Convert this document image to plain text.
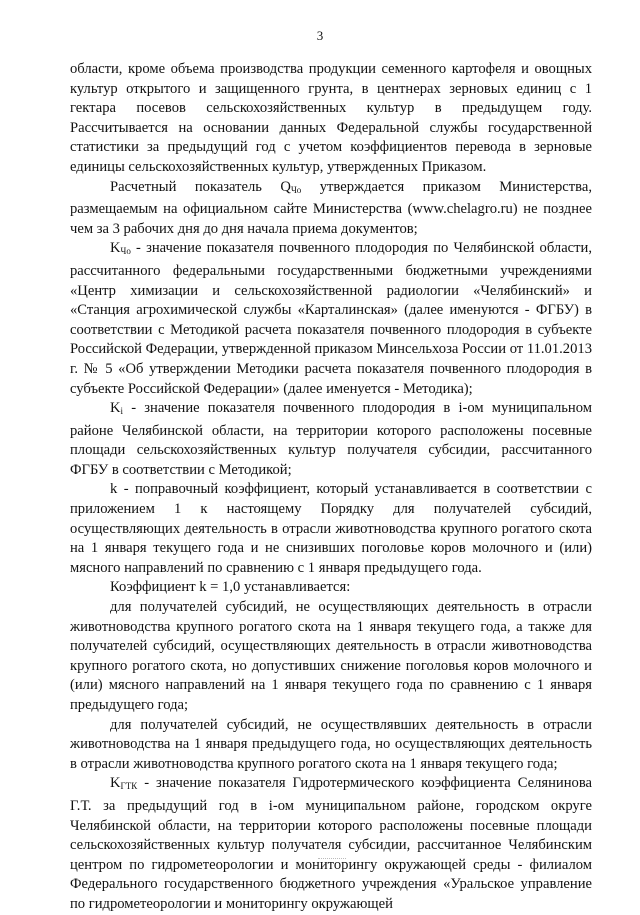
3

области, кроме объема производства продукции семенного картофеля и овощных культур открытого и защищенного грунта, в центнерах зерновых единиц с 1 гектара посевов сельскохозяйственных культур в предыдущем году. Рассчитывается на основании данных Федеральной службы государственной статистики за предыдущий год с учетом коэффициентов перевода в зерновые единицы сельскохозяйственных культур, утвержденных Приказом.

Расчетный показатель $Q_{Чо}$ утверждается приказом Министерства, размещаемым на официальном сайте Министерства (www.chelagro.ru) не позднее чем за 3 рабочих дня до дня начала приема документов;

$K_{Чо}$ - значение показателя почвенного плодородия по Челябинской области, рассчитанного федеральными государственными бюджетными учреждениями «Центр химизации и сельскохозяйственной радиологии «Челябинский» и «Станция агрохимической службы «Карталинская» (далее именуются - ФГБУ) в соответствии с Методикой расчета показателя почвенного плодородия в субъекте Российской Федерации, утвержденной приказом Минсельхоза России от 11.01.2013 г. № 5 «Об утверждении Методики расчета показателя почвенного плодородия в субъекте Российской Федерации» (далее именуется - Методика);

$K_i$ - значение показателя почвенного плодородия в i-ом муниципальном районе Челябинской области, на территории которого расположены посевные площади сельскохозяйственных культур получателя субсидии, рассчитанного ФГБУ в соответствии с Методикой;

k - поправочный коэффициент, который устанавливается в соответствии с приложением 1 к настоящему Порядку для получателей субсидий, осуществляющих деятельность в отрасли животноводства крупного рогатого скота на 1 января текущего года и не снизивших поголовье коров молочного и (или) мясного направлений по сравнению с 1 января предыдущего года.

Коэффициент k = 1,0 устанавливается:

для получателей субсидий, не осуществляющих деятельность в отрасли животноводства крупного рогатого скота на 1 января текущего года, а также для получателей субсидий, осуществляющих деятельность в отрасли животноводства крупного рогатого скота, но допустивших снижение поголовья коров молочного и (или) мясного направлений на 1 января текущего года по сравнению с 1 января предыдущего года;

для получателей субсидий, не осуществлявших деятельность в отрасли животноводства на 1 января предыдущего года, но осуществляющих деятельность в отрасли животноводства крупного рогатого скота на 1 января текущего года;

$K_{ГТК}$ - значение показателя Гидротермического коэффициента Селянинова Г.Т. за предыдущий год в i-ом муниципальном районе, городском округе Челябинской области, на территории которого расположены посевные площади сельскохозяйственных культур получателя субсидии, рассчитанное Челябинским центром по гидрометеорологии и мониторингу окружающей среды - филиалом Федерального государственного бюджетного учреждения «Уральское управление по гидрометеорологии и мониторингу окружающей
